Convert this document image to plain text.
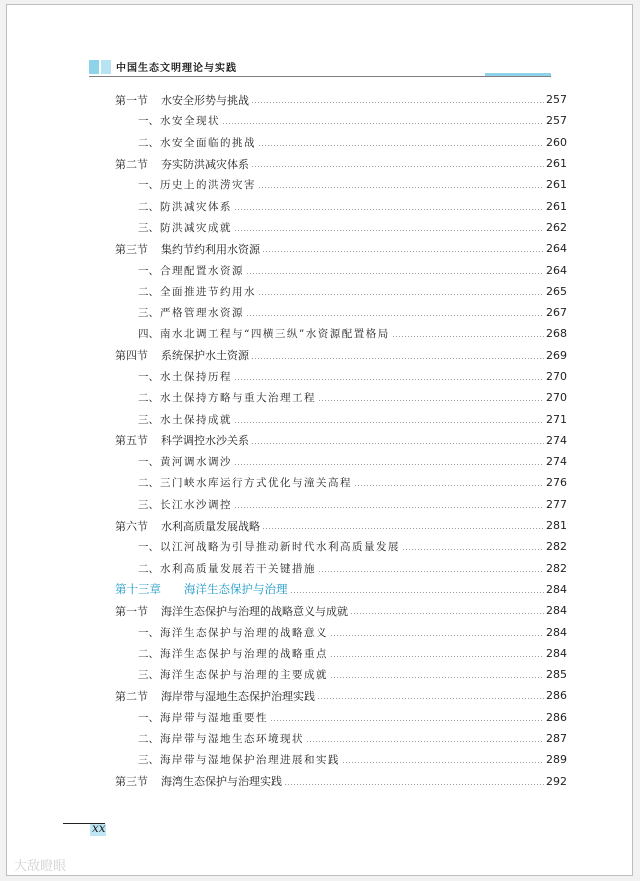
中国生态文明理论与实践
第一节 水安全形势与挑战	257
一、水安全现状	257
二、水安全面临的挑战	260
第二节 夯实防洪减灾体系	261
一、历史上的洪涝灾害	261
二、防洪减灾体系	261
三、防洪减灾成就	262
第三节 集约节约利用水资源	264
一、合理配置水资源	264
二、全面推进节约用水	265
三、严格管理水资源	267
四、南水北调工程与“四横三纵”水资源配置格局	268
第四节 系统保护水土资源	269
一、水土保持历程	270
二、水土保持方略与重大治理工程	270
三、水土保持成就	271
第五节 科学调控水沙关系	274
一、黄河调水调沙	274
二、三门峡水库运行方式优化与潼关高程	276
三、长江水沙调控	277
第六节 水利高质量发展战略	281
一、以江河战略为引导推动新时代水利高质量发展	282
二、水利高质量发展若干关键措施	282
第十三章 海洋生态保护与治理	284
第一节 海洋生态保护与治理的战略意义与成就	284
一、海洋生态保护与治理的战略意义	284
二、海洋生态保护与治理的战略重点	284
三、海洋生态保护与治理的主要成就	285
第二节 海岸带与湿地生态保护治理实践	286
一、海岸带与湿地重要性	286
二、海岸带与湿地生态环境现状	287
三、海岸带与湿地保护治理进展和实践	289
第三节 海湾生态保护与治理实践	292
xx
大敌瞪眼
